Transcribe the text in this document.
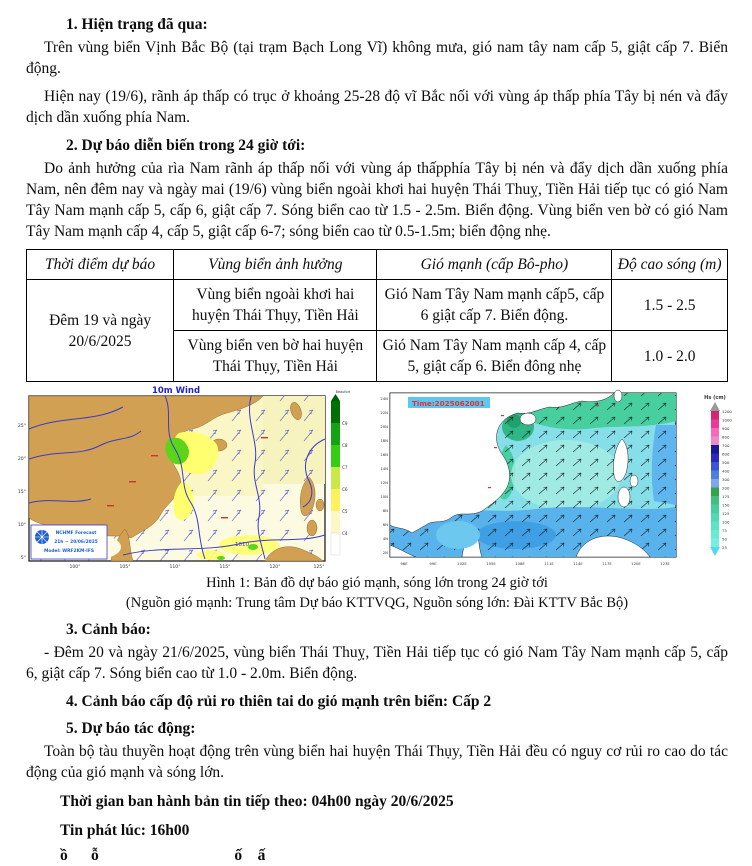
1. Hiện trạng đã qua:

Trên vùng biển Vịnh Bắc Bộ (tại trạm Bạch Long Vĩ) không mưa, gió nam tây nam cấp 5, giật cấp 7. Biển động.

Hiện nay (19/6), rãnh áp thấp có trục ở khoảng 25-28 độ vĩ Bắc nối với vùng áp thấp phía Tây bị nén và đẩy dịch dần xuống phía Nam.

2. Dự báo diễn biến trong 24 giờ tới:

Do ảnh hưởng của rìa Nam rãnh áp thấp nối với vùng áp thấpphía Tây bị nén và đẩy dịch dần xuống phía Nam, nên đêm nay và ngày mai (19/6) vùng biển ngoài khơi hai huyện Thái Thuỵ, Tiền Hải tiếp tục có gió Nam Tây Nam mạnh cấp 5, cấp 6, giật cấp 7. Sóng biển cao từ 1.5 - 2.5m. Biển động. Vùng biển ven bờ có gió Nam Tây Nam mạnh cấp 4, cấp 5, giật cấp 6-7; sóng biển cao từ 0.5-1.5m; biển động nhẹ.

Thời điểm dự báo	Vùng biển ảnh hưởng	Gió mạnh (cấp Bô-pho)	Độ cao sóng (m)
Đêm 19 và ngày 20/6/2025	Vùng biển ngoài khơi hai huyện Thái Thụy, Tiền Hải	Gió Nam Tây Nam mạnh cấp5, cấp 6 giật cấp 7. Biển động.	1.5 - 2.5
	Vùng biển ven bờ hai huyện Thái Thụy, Tiền Hải	Gió Nam Tây Nam mạnh cấp 4, cấp 5, giật cấp 6. Biển đông nhẹ	1.0 - 2.0
10m Wind
1010
NCHMF Forecast
21h ~ 20/06/2025
Model: WRF2KM-IFS
25°
20°
15°
10°
5°
100°	105°	110°	115°	120°	125°
Beaufort
C9
C8
C7
C6
C5
C4
Time:2025062001
24N
22N
20N
18N
16N
14N
12N
10N
8N
6N
4N
2N
96E	99E	102E	105E	108E	111E	114E	117E	120E	123E
Hs (cm)
1200
1000
900
800
700
600
500
400
300
200
175
150
125
100
75
50
25
Hình 1: Bản đồ dự báo gió mạnh, sóng lớn trong 24 giờ tới
(Nguồn gió mạnh: Trung tâm Dự báo KTTVQG, Nguồn sóng lớn: Đài KTTV Bắc Bộ)
3. Cảnh báo:

- Đêm 20 và ngày 21/6/2025, vùng biển Thái Thuỵ, Tiền Hải tiếp tục có gió Nam Tây Nam mạnh cấp 5, cấp 6, giật cấp 7. Sóng biển cao từ 1.0 - 2.0m. Biển động.

4. Cảnh báo cấp độ rủi ro thiên tai do gió mạnh trên biển: Cấp 2
5. Dự báo tác động:

Toàn bộ tàu thuyền hoạt động trên vùng biển hai huyện Thái Thụy, Tiền Hải đều có nguy cơ rủi ro cao do tác động của gió mạnh và sóng lớn.

Thời gian ban hành bản tin tiếp theo: 04h00 ngày 20/6/2025
Tin phát lúc: 16h00
ồ      ỗ                                   ố    ấ
